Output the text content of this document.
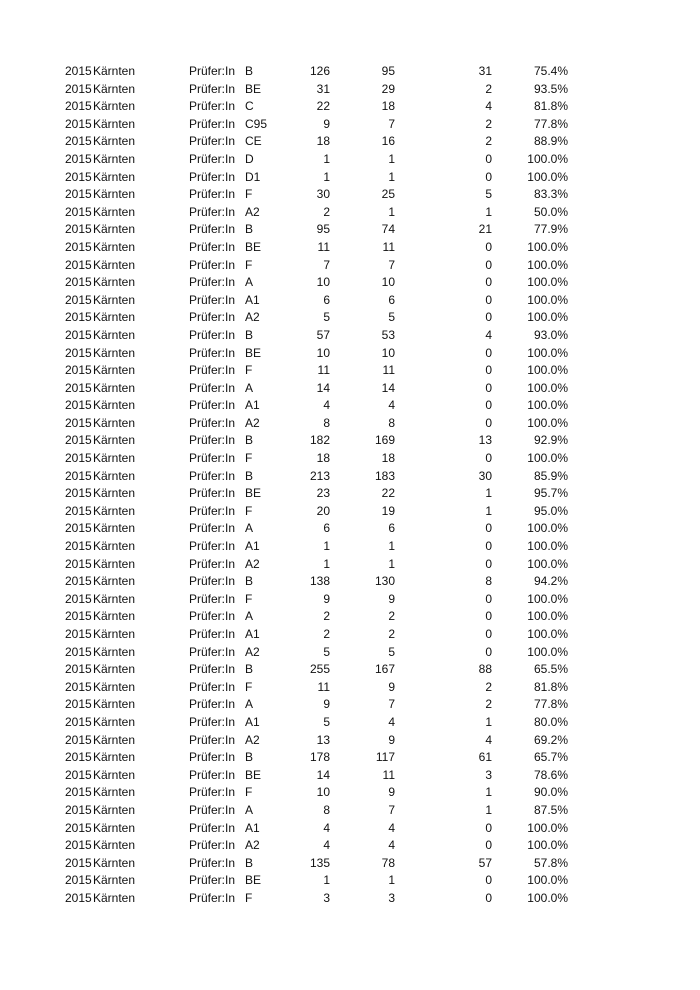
2015 Kärnten	Prüfer:In B	126	95	31	75.4%
2015 Kärnten	Prüfer:In BE	31	29	2	93.5%
2015 Kärnten	Prüfer:In C	22	18	4	81.8%
2015 Kärnten	Prüfer:In C95	9	7	2	77.8%
2015 Kärnten	Prüfer:In CE	18	16	2	88.9%
2015 Kärnten	Prüfer:In D	1	1	0	100.0%
2015 Kärnten	Prüfer:In D1	1	1	0	100.0%
2015 Kärnten	Prüfer:In F	30	25	5	83.3%
2015 Kärnten	Prüfer:In A2	2	1	1	50.0%
2015 Kärnten	Prüfer:In B	95	74	21	77.9%
2015 Kärnten	Prüfer:In BE	11	11	0	100.0%
2015 Kärnten	Prüfer:In F	7	7	0	100.0%
2015 Kärnten	Prüfer:In A	10	10	0	100.0%
2015 Kärnten	Prüfer:In A1	6	6	0	100.0%
2015 Kärnten	Prüfer:In A2	5	5	0	100.0%
2015 Kärnten	Prüfer:In B	57	53	4	93.0%
2015 Kärnten	Prüfer:In BE	10	10	0	100.0%
2015 Kärnten	Prüfer:In F	11	11	0	100.0%
2015 Kärnten	Prüfer:In A	14	14	0	100.0%
2015 Kärnten	Prüfer:In A1	4	4	0	100.0%
2015 Kärnten	Prüfer:In A2	8	8	0	100.0%
2015 Kärnten	Prüfer:In B	182	169	13	92.9%
2015 Kärnten	Prüfer:In F	18	18	0	100.0%
2015 Kärnten	Prüfer:In B	213	183	30	85.9%
2015 Kärnten	Prüfer:In BE	23	22	1	95.7%
2015 Kärnten	Prüfer:In F	20	19	1	95.0%
2015 Kärnten	Prüfer:In A	6	6	0	100.0%
2015 Kärnten	Prüfer:In A1	1	1	0	100.0%
2015 Kärnten	Prüfer:In A2	1	1	0	100.0%
2015 Kärnten	Prüfer:In B	138	130	8	94.2%
2015 Kärnten	Prüfer:In F	9	9	0	100.0%
2015 Kärnten	Prüfer:In A	2	2	0	100.0%
2015 Kärnten	Prüfer:In A1	2	2	0	100.0%
2015 Kärnten	Prüfer:In A2	5	5	0	100.0%
2015 Kärnten	Prüfer:In B	255	167	88	65.5%
2015 Kärnten	Prüfer:In F	11	9	2	81.8%
2015 Kärnten	Prüfer:In A	9	7	2	77.8%
2015 Kärnten	Prüfer:In A1	5	4	1	80.0%
2015 Kärnten	Prüfer:In A2	13	9	4	69.2%
2015 Kärnten	Prüfer:In B	178	117	61	65.7%
2015 Kärnten	Prüfer:In BE	14	11	3	78.6%
2015 Kärnten	Prüfer:In F	10	9	1	90.0%
2015 Kärnten	Prüfer:In A	8	7	1	87.5%
2015 Kärnten	Prüfer:In A1	4	4	0	100.0%
2015 Kärnten	Prüfer:In A2	4	4	0	100.0%
2015 Kärnten	Prüfer:In B	135	78	57	57.8%
2015 Kärnten	Prüfer:In BE	1	1	0	100.0%
2015 Kärnten	Prüfer:In F	3	3	0	100.0%
